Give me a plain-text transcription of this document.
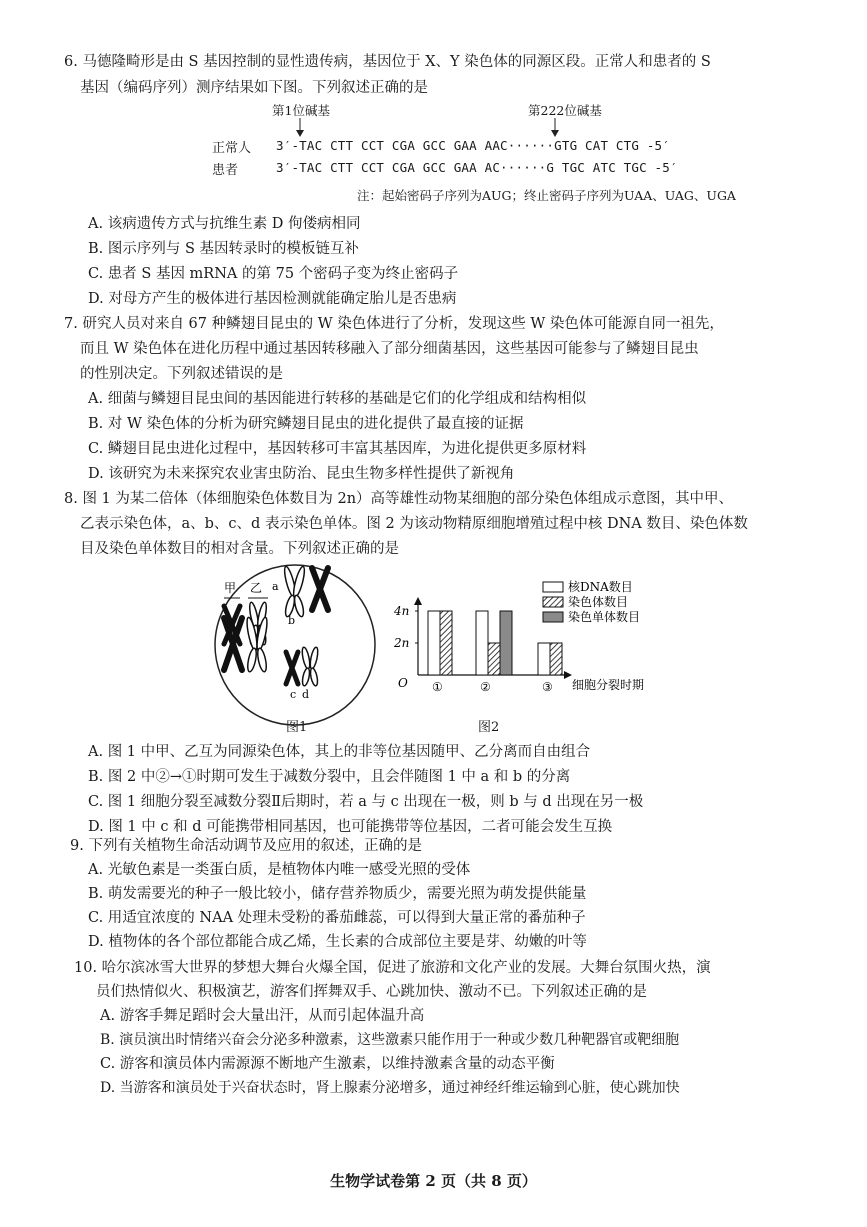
6. 马德隆畸形是由 S 基因控制的显性遗传病，基因位于 X、Y 染色体的同源区段。正常人和患者的 S
基因（编码序列）测序结果如下图。下列叙述正确的是
第1位碱基	第222位碱基
正常人 3′-TAC CTT CCT CGA GCC GAA AAC······GTG CAT CTG -5′
患者	3′-TAC CTT CCT CGA GCC GAA AC······G TGC ATC TGC -5′
注：起始密码子序列为AUG；终止密码子序列为UAA、UAG、UGA
A. 该病遗传方式与抗维生素 D 佝偻病相同
B. 图示序列与 S 基因转录时的模板链互补
C. 患者 S 基因 mRNA 的第 75 个密码子变为终止密码子
D. 对母方产生的极体进行基因检测就能确定胎儿是否患病
7. 研究人员对来自 67 种鳞翅目昆虫的 W 染色体进行了分析，发现这些 W 染色体可能源自同一祖先，
而且 W 染色体在进化历程中通过基因转移融入了部分细菌基因，这些基因可能参与了鳞翅目昆虫
的性别决定。下列叙述错误的是
A. 细菌与鳞翅目昆虫间的基因能进行转移的基础是它们的化学组成和结构相似
B. 对 W 染色体的分析为研究鳞翅目昆虫的进化提供了最直接的证据
C. 鳞翅目昆虫进化过程中，基因转移可丰富其基因库，为进化提供更多原材料
D. 该研究为未来探究农业害虫防治、昆虫生物多样性提供了新视角
8. 图 1 为某二倍体（体细胞染色体数目为 2n）高等雄性动物某细胞的部分染色体组成示意图，其中甲、
乙表示染色体，a、b、c、d 表示染色单体。图 2 为该动物精原细胞增殖过程中核 DNA 数目、染色体数
目及染色单体数目的相对含量。下列叙述正确的是
甲 乙 a
b
c d
图1
O
2n
4n
①	②	③ 细胞分裂时期
核DNA数目
染色体数目
染色单体数目
图2
A. 图 1 中甲、乙互为同源染色体，其上的非等位基因随甲、乙分离而自由组合
B. 图 2 中②→①时期可发生于减数分裂中，且会伴随图 1 中 a 和 b 的分离
C. 图 1 细胞分裂至减数分裂Ⅱ后期时，若 a 与 c 出现在一极，则 b 与 d 出现在另一极
D. 图 1 中 c 和 d 可能携带相同基因，也可能携带等位基因，二者可能会发生互换
9. 下列有关植物生命活动调节及应用的叙述，正确的是
A. 光敏色素是一类蛋白质，是植物体内唯一感受光照的受体
B. 萌发需要光的种子一般比较小，储存营养物质少，需要光照为萌发提供能量
C. 用适宜浓度的 NAA 处理未受粉的番茄雌蕊，可以得到大量正常的番茄种子
D. 植物体的各个部位都能合成乙烯，生长素的合成部位主要是芽、幼嫩的叶等
10. 哈尔滨冰雪大世界的梦想大舞台火爆全国，促进了旅游和文化产业的发展。大舞台氛围火热，演
员们热情似火、积极演艺，游客们挥舞双手、心跳加快、激动不已。下列叙述正确的是
A. 游客手舞足蹈时会大量出汗，从而引起体温升高
B. 演员演出时情绪兴奋会分泌多种激素，这些激素只能作用于一种或少数几种靶器官或靶细胞
C. 游客和演员体内需源源不断地产生激素，以维持激素含量的动态平衡
D. 当游客和演员处于兴奋状态时，肾上腺素分泌增多，通过神经纤维运输到心脏，使心跳加快
生物学试卷第 2 页（共 8 页）
